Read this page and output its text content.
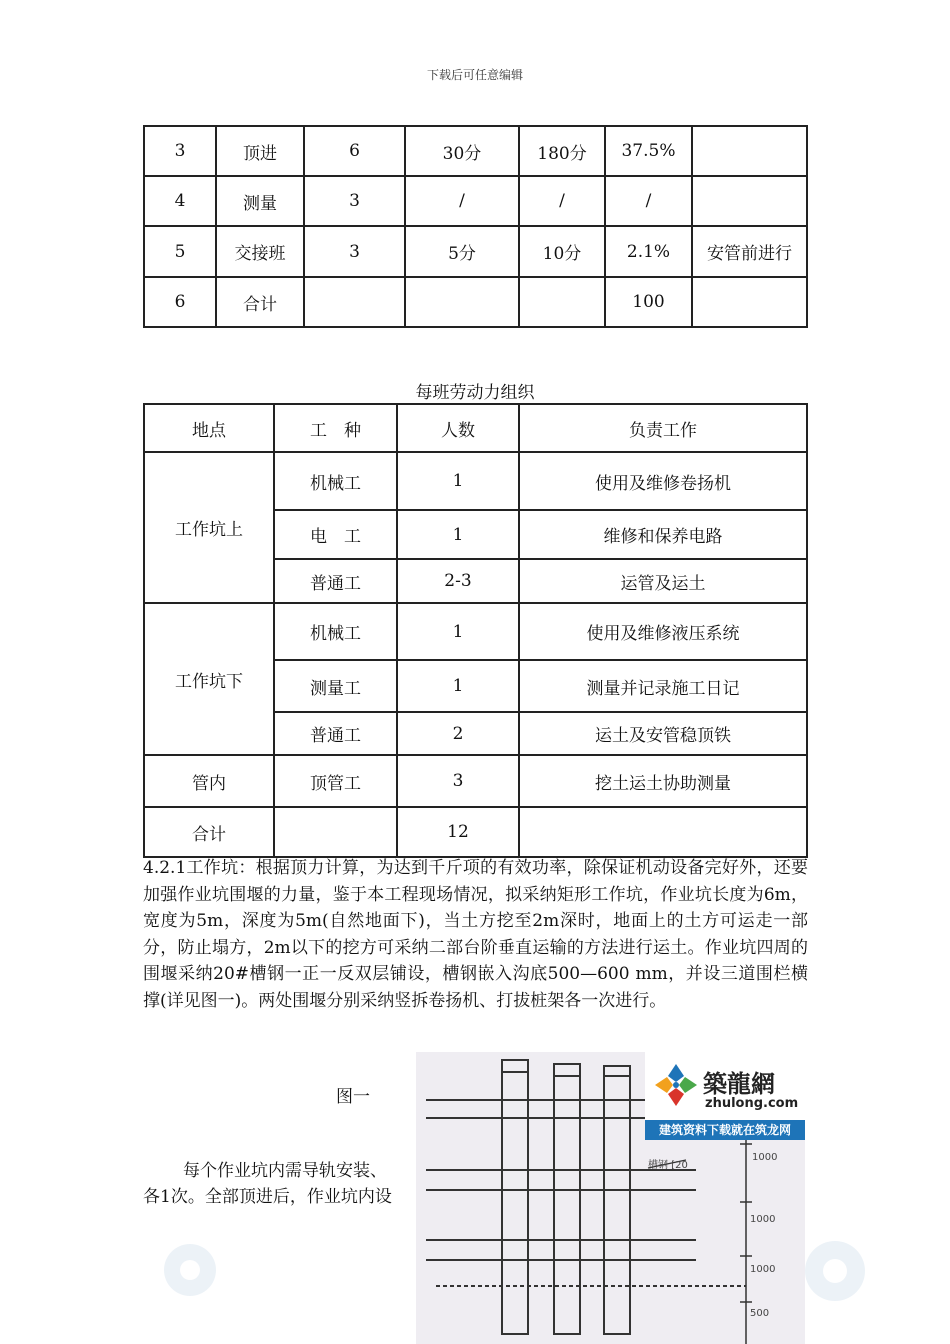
下载后可任意编辑
3	顶进	6	30分	180分	37.5%	
4	测量	3	/	/	/	
5	交接班	3	5分	10分	2.1%	安管前进行
6	合计				100	
每班劳动力组织
地点	工　种	人数	负责工作
工作坑上	机械工	1	使用及维修卷扬机
	电　工	1	维修和保养电路
	普通工	2-3	运管及运土
工作坑下	机械工	1	使用及维修液压系统
	测量工	1	测量并记录施工日记
	普通工	2	运土及安管稳顶铁
管内	顶管工	3	挖土运土协助测量
合计		12	

4.2.1工作坑：根据顶力计算，为达到千斤项的有效功率，除保证机动设备完好外，还要加强作业坑围堰的力量，鉴于本工程现场情况，拟采纳矩形工作坑，作业坑长度为6m，宽度为5m，深度为5m(自然地面下)，当土方挖至2m深时，地面上的土方可运走一部分，防止塌方，2m以下的挖方可采纳二部台阶垂直运输的方法进行运土。作业坑四周的围堰采纳20#槽钢一正一反双层铺设，槽钢嵌入沟底500—600 mm，并设三道围栏横撑(详见图一)。两处围堰分别采纳竖拆卷扬机、打拔桩架各一次进行。

图一
每个作业坑内需导轨安装、
各1次。全部顶进后，作业坑内设
槽钢 [20
1000
1000
1000
500
築龍網
zhulong.com
建筑资料下载就在筑龙网
